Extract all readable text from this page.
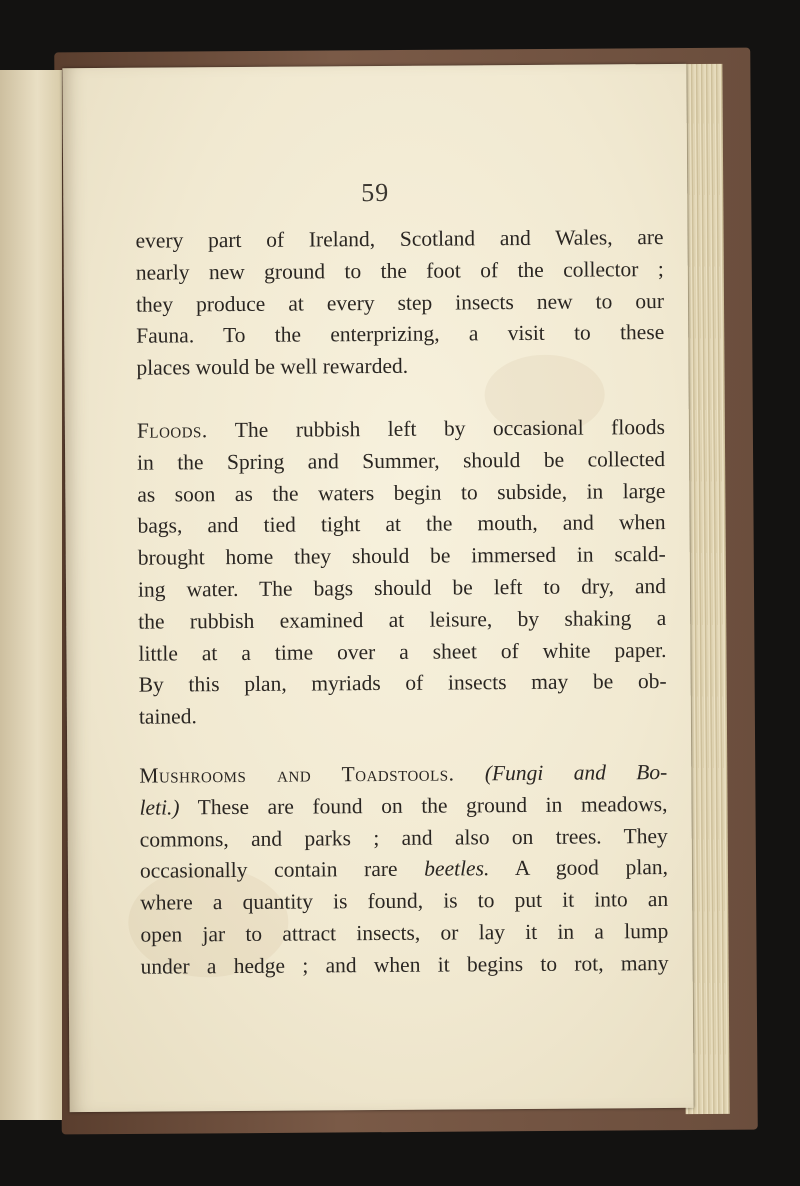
59
every part of Ireland, Scotland and Wales, are
nearly new ground to the foot of the collector ;
they produce at every step insects new to our
Fauna. To the enterprizing, a visit to these
places would be well rewarded.
Floods. The rubbish left by occasional floods
in the Spring and Summer, should be collected
as soon as the waters begin to subside, in large
bags, and tied tight at the mouth, and when
brought home they should be immersed in scald-
ing water. The bags should be left to dry, and
the rubbish examined at leisure, by shaking a
little at a time over a sheet of white paper.
By this plan, myriads of insects may be ob-
tained.
Mushrooms and Toadstools. (Fungi and Bo-
leti.) These are found on the ground in meadows,
commons, and parks ; and also on trees. They
occasionally contain rare beetles. A good plan,
where a quantity is found, is to put it into an
open jar to attract insects, or lay it in a lump
under a hedge ; and when it begins to rot, many
